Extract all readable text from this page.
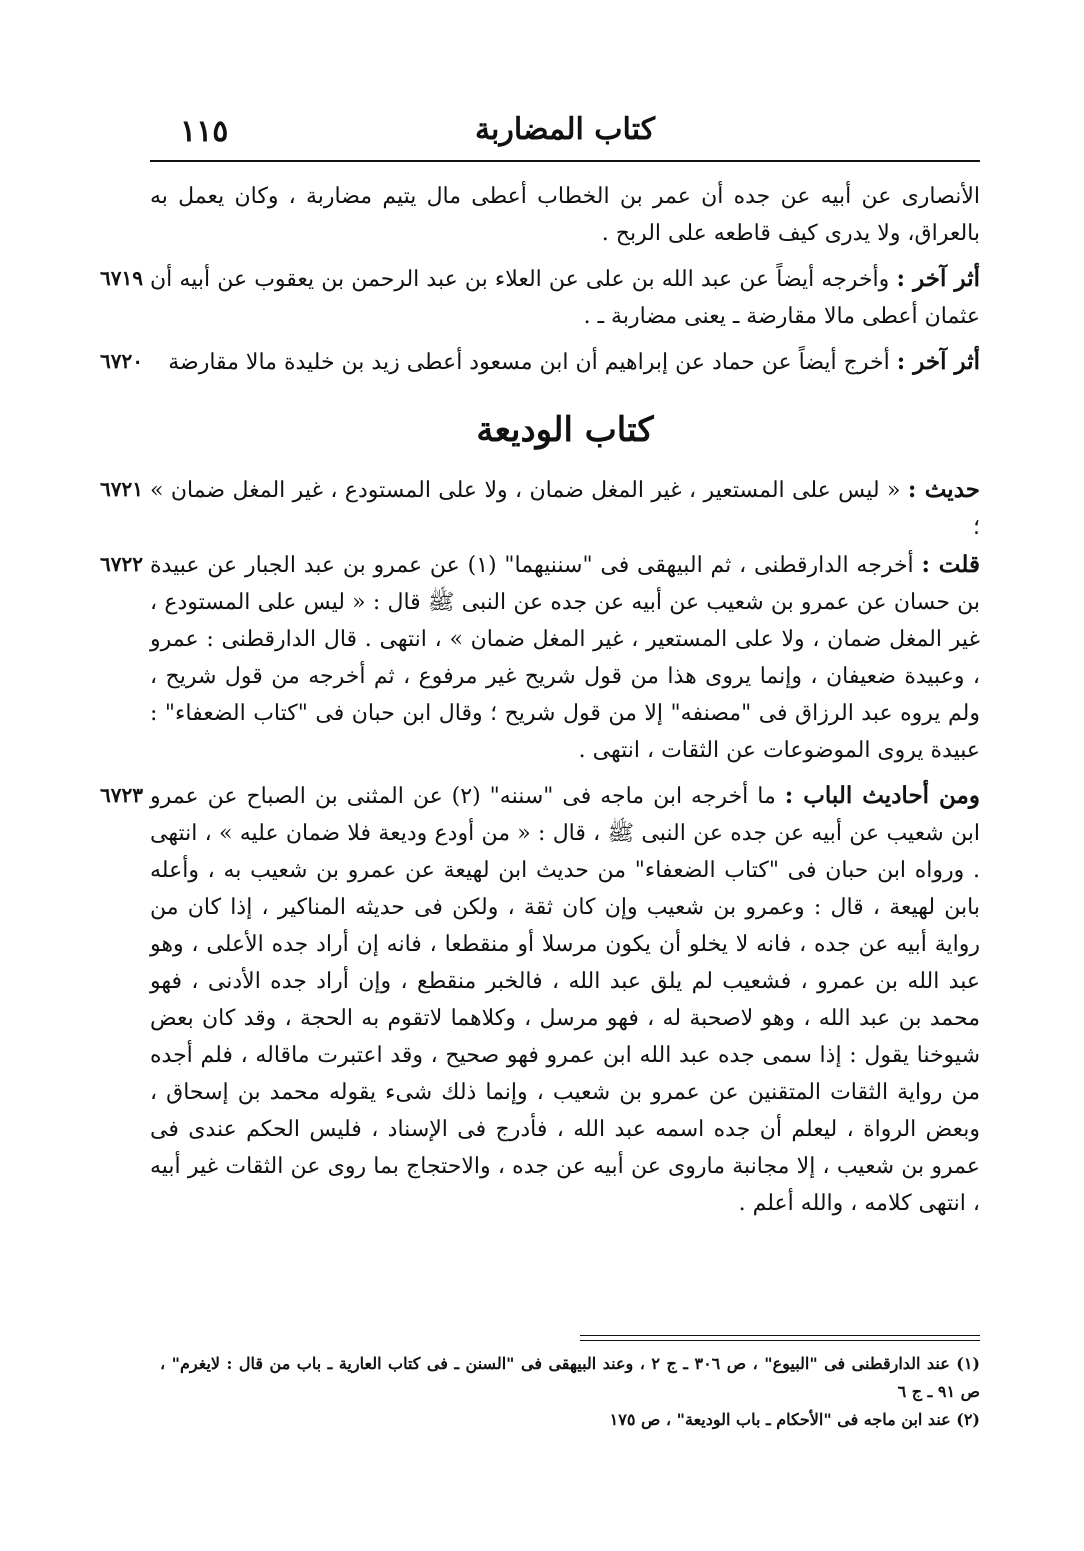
كتاب المضاربة
١١٥

الأنصارى عن أبيه عن جده أن عمر بن الخطاب أعطى مال يتيم مضاربة ، وكان يعمل به بالعراق، ولا يدرى كيف قاطعه على الربح .

٦٧١٩	أثر آخر : وأخرجه أيضاً عن عبد الله بن على عن العلاء بن عبد الرحمن بن يعقوب عن أبيه أن عثمان أعطى مالا مقارضة ـ يعنى مضاربة ـ .

٦٧٢٠	أثر آخر : أخرج أيضاً عن حماد عن إبراهيم أن ابن مسعود أعطى زيد بن خليدة مالا مقارضة

كتاب الوديعة

٦٧٢١	حديث : « ليس على المستعير ، غير المغل ضمان ، ولا على المستودع ، غير المغل ضمان » ؛

٦٧٢٢	قلت : أخرجه الدارقطنى ، ثم البيهقى فى "سننيهما" (١) عن عمرو بن عبد الجبار عن عبيدة بن حسان عن عمرو بن شعيب عن أبيه عن جده عن النبى ﷺ قال : « ليس على المستودع ، غير المغل ضمان ، ولا على المستعير ، غير المغل ضمان » ، انتهى . قال الدارقطنى : عمرو ، وعبيدة ضعيفان ، وإنما يروى هذا من قول شريح غير مرفوع ، ثم أخرجه من قول شريح ، ولم يروه عبد الرزاق فى "مصنفه" إلا من قول شريح ؛ وقال ابن حبان فى "كتاب الضعفاء" : عبيدة يروى الموضوعات عن الثقات ، انتهى .

٦٧٢٣	ومن أحاديث الباب : ما أخرجه ابن ماجه فى "سننه" (٢) عن المثنى بن الصباح عن عمرو ابن شعيب عن أبيه عن جده عن النبى ﷺ ، قال : « من أودع وديعة فلا ضمان عليه » ، انتهى . ورواه ابن حبان فى "كتاب الضعفاء" من حديث ابن لهيعة عن عمرو بن شعيب به ، وأعله بابن لهيعة ، قال : وعمرو بن شعيب وإن كان ثقة ، ولكن فى حديثه المناكير ، إذا كان من رواية أبيه عن جده ، فانه لا يخلو أن يكون مرسلا أو منقطعا ، فانه إن أراد جده الأعلى ، وهو عبد الله بن عمرو ، فشعيب لم يلق عبد الله ، فالخبر منقطع ، وإن أراد جده الأدنى ، فهو محمد بن عبد الله ، وهو لاصحبة له ، فهو مرسل ، وكلاهما لاتقوم به الحجة ، وقد كان بعض شيوخنا يقول : إذا سمى جده عبد الله ابن عمرو فهو صحيح ، وقد اعتبرت ماقاله ، فلم أجده من رواية الثقات المتقنين عن عمرو بن شعيب ، وإنما ذلك شىء يقوله محمد بن إسحاق ، وبعض الرواة ، ليعلم أن جده اسمه عبد الله ، فأدرج فى الإسناد ، فليس الحكم عندى فى عمرو بن شعيب ، إلا مجانبة ماروى عن أبيه عن جده ، والاحتجاج بما روى عن الثقات غير أبيه ، انتهى كلامه ، والله أعلم .

(١) عند الدارقطنى فى "البيوع" ، ص ٣٠٦ ـ ج ٢ ، وعند البيهقى فى "السنن ـ فى كتاب العارية ـ باب من قال : لايغرم" ، ص ٩١ ـ ج ٦
(٢) عند ابن ماجه فى "الأحكام ـ باب الوديعة" ، ص ١٧٥
